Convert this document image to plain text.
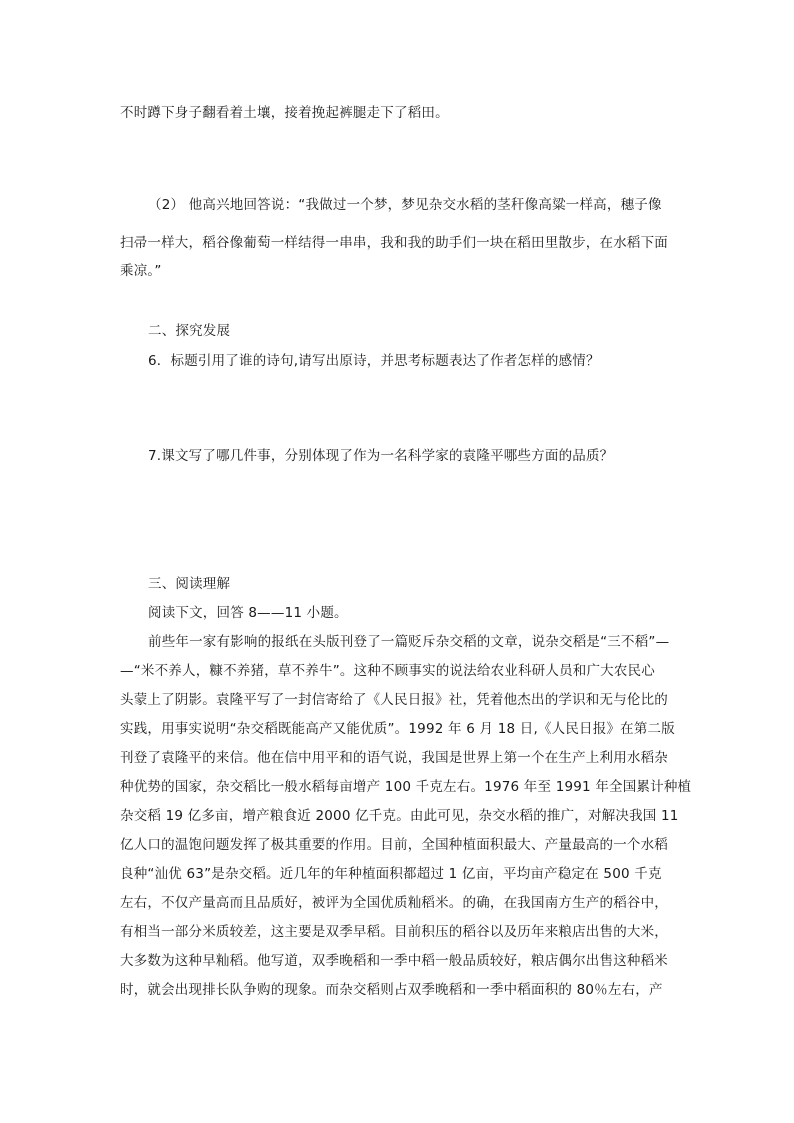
不时蹲下身子翻看着土壤，接着挽起裤腿走下了稻田。
（2） 他高兴地回答说：“我做过一个梦，梦见杂交水稻的茎秆像高粱一样高，穗子像
扫帚一样大，稻谷像葡萄一样结得一串串，我和我的助手们一块在稻田里散步，在水稻下面
乘凉。”
二、探究发展
6．标题引用了谁的诗句,请写出原诗，并思考标题表达了作者怎样的感情？
7.课文写了哪几件事，分别体现了作为一名科学家的袁隆平哪些方面的品质？
三、阅读理解
阅读下文，回答 8——11 小题。
前些年一家有影响的报纸在头版刊登了一篇贬斥杂交稻的文章，说杂交稻是“三不稻”—
—“米不养人，糠不养猪，草不养牛”。这种不顾事实的说法给农业科研人员和广大农民心
头蒙上了阴影。袁隆平写了一封信寄给了《人民日报》社，凭着他杰出的学识和无与伦比的
实践，用事实说明“杂交稻既能高产又能优质”。1992 年 6 月 18 日,《人民日报》在第二版
刊登了袁隆平的来信。他在信中用平和的语气说，我国是世界上第一个在生产上利用水稻杂
种优势的国家，杂交稻比一般水稻每亩增产 100 千克左右。1976 年至 1991 年全国累计种植
杂交稻 19 亿多亩，增产粮食近 2000 亿千克。由此可见，杂交水稻的推广，对解决我国 11
亿人口的温饱问题发挥了极其重要的作用。目前，全国种植面积最大、产量最高的一个水稻
良种“汕优 63”是杂交稻。近几年的年种植面积都超过 1 亿亩，平均亩产稳定在 500 千克
左右，不仅产量高而且品质好，被评为全国优质籼稻米。的确，在我国南方生产的稻谷中，
有相当一部分米质较差，这主要是双季早稻。目前积压的稻谷以及历年来粮店出售的大米，
大多数为这种早籼稻。他写道，双季晚稻和一季中稻一般品质较好，粮店偶尔出售这种稻米
时，就会出现排长队争购的现象。而杂交稻则占双季晚稻和一季中稻面积的 80％左右，产
